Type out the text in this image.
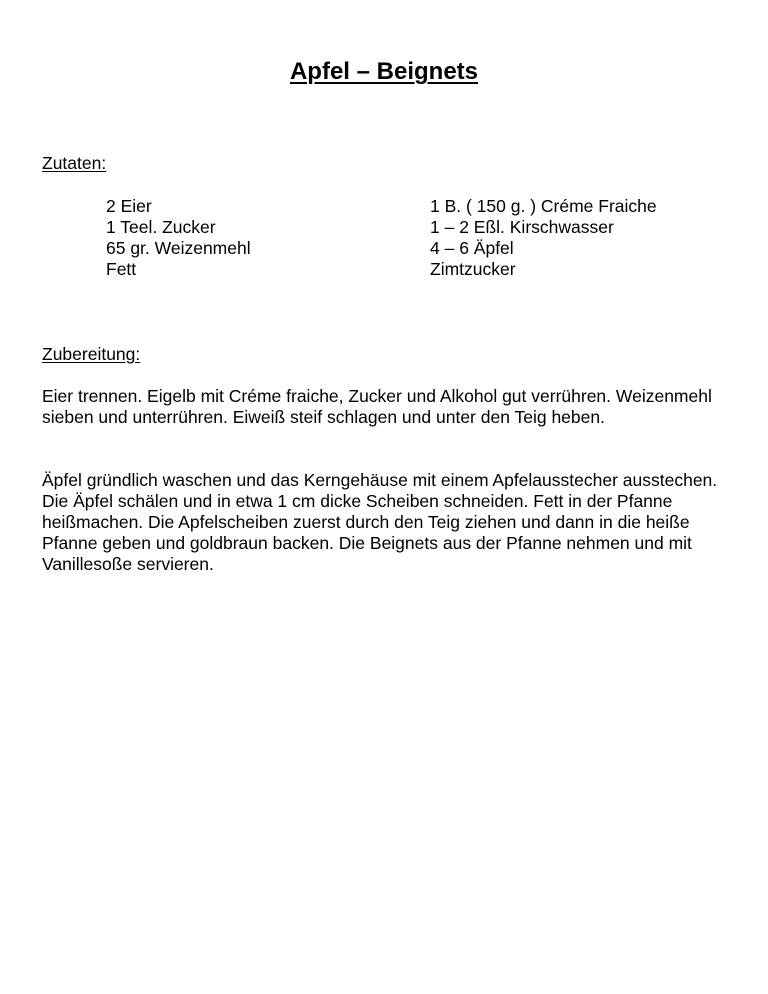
Apfel – Beignets
Zutaten:
2 Eier
1 Teel. Zucker
65 gr. Weizenmehl
Fett
1 B. ( 150 g. ) Créme Fraiche
1 – 2 Eßl. Kirschwasser
4 – 6 Äpfel
Zimtzucker
Zubereitung:

Eier trennen. Eigelb mit Créme fraiche, Zucker und Alkohol gut verrühren. Weizenmehl sieben und unterrühren. Eiweiß steif schlagen und unter den Teig heben.

Äpfel gründlich waschen und das Kerngehäuse mit einem Apfelausstecher ausstechen. Die Äpfel schälen und in etwa 1 cm dicke Scheiben schneiden. Fett in der Pfanne heißmachen. Die Apfelscheiben zuerst durch den Teig ziehen und dann in die heiße Pfanne geben und goldbraun backen. Die Beignets aus der Pfanne nehmen und mit Vanillesoße servieren.
